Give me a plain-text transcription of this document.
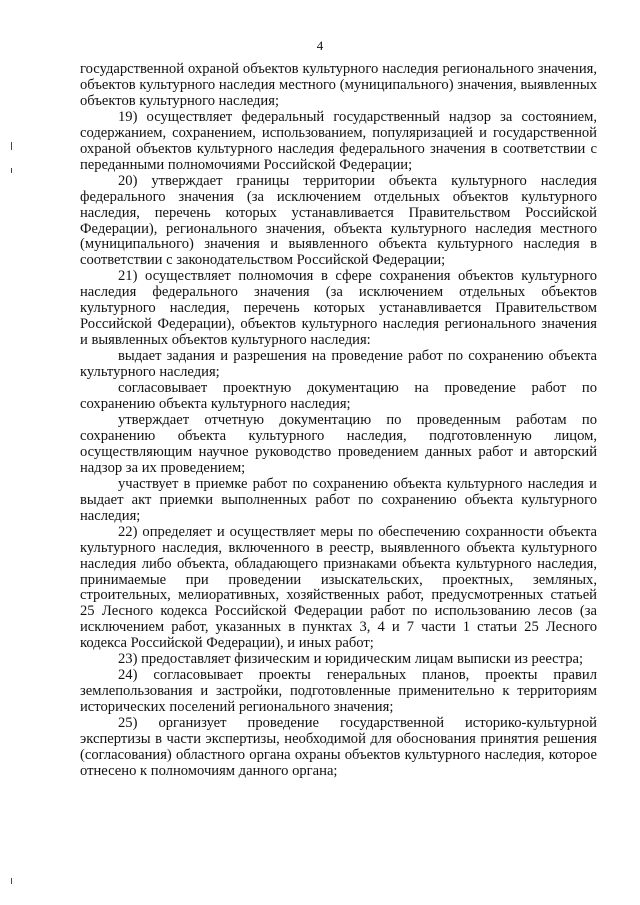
4

государственной охраной объектов культурного наследия регионального значения, объектов культурного наследия местного (муниципального) значения, выявленных объектов культурного наследия;

19) осуществляет федеральный государственный надзор за состоянием, содержанием, сохранением, использованием, популяризацией и государственной охраной объектов культурного наследия федерального значения в соответствии с переданными полномочиями Российской Федерации;

20) утверждает границы территории объекта культурного наследия федерального значения (за исключением отдельных объектов культурного наследия, перечень которых устанавливается Правительством Российской Федерации), регионального значения, объекта культурного наследия местного (муниципального) значения и выявленного объекта культурного наследия в соответствии с законодательством Российской Федерации;

21) осуществляет полномочия в сфере сохранения объектов культурного наследия федерального значения (за исключением отдельных объектов культурного наследия, перечень которых устанавливается Правительством Российской Федерации), объектов культурного наследия регионального значения и выявленных объектов культурного наследия:

выдает задания и разрешения на проведение работ по сохранению объекта культурного наследия;

согласовывает проектную документацию на проведение работ по сохранению объекта культурного наследия;

утверждает отчетную документацию по проведенным работам по сохранению объекта культурного наследия, подготовленную лицом, осуществляющим научное руководство проведением данных работ и авторский надзор за их проведением;

участвует в приемке работ по сохранению объекта культурного наследия и выдает акт приемки выполненных работ по сохранению объекта культурного наследия;

22) определяет и осуществляет меры по обеспечению сохранности объекта культурного наследия, включенного в реестр, выявленного объекта культурного наследия либо объекта, обладающего признаками объекта культурного наследия, принимаемые при проведении изыскательских, проектных, земляных, строительных, мелиоративных, хозяйственных работ, предусмотренных статьей 25 Лесного кодекса Российской Федерации работ по использованию лесов (за исключением работ, указанных в пунктах 3, 4 и 7 части 1 статьи 25 Лесного кодекса Российской Федерации), и иных работ;

23) предоставляет физическим и юридическим лицам выписки из реестра;

24) согласовывает проекты генеральных планов, проекты правил землепользования и застройки, подготовленные применительно к территориям исторических поселений регионального значения;

25) организует проведение государственной историко-культурной экспертизы в части экспертизы, необходимой для обоснования принятия решения (согласования) областного органа охраны объектов культурного наследия, которое отнесено к полномочиям данного органа;
